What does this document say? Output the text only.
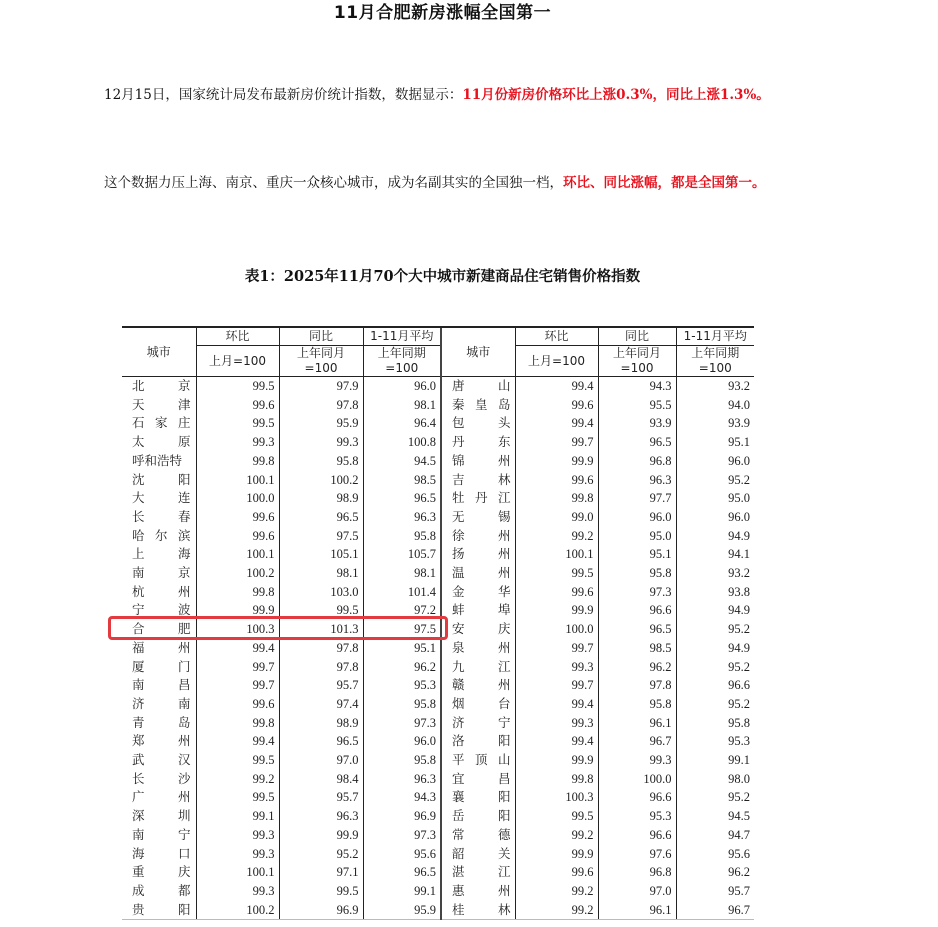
11月合肥新房涨幅全国第一
12月15日，国家统计局发布最新房价统计指数，数据显示：11月份新房价格环比上涨0.3%，同比上涨1.3%。
这个数据力压上海、南京、重庆一众核心城市，成为名副其实的全国独一档，环比、同比涨幅，都是全国第一。
表1：2025年11月70个大中城市新建商品住宅销售价格指数
城市	环比	同比	1-11月平均	城市	环比	同比	1-11月平均
	上月=100	上年同月
=100	上年同期
=100		上月=100	上年同月
=100	上年同期
=100
北 京	99.5	97.9	96.0	唐 山	99.4	94.3	93.2
天 津	99.6	97.8	98.1	秦 皇 岛	99.6	95.5	94.0
石 家 庄	99.5	95.9	96.4	包 头	99.4	93.9	93.9
太 原	99.3	99.3	100.8	丹 东	99.7	96.5	95.1
呼和浩特	99.8	95.8	94.5	锦 州	99.9	96.8	96.0
沈 阳	100.1	100.2	98.5	吉 林	99.6	96.3	95.2
大 连	100.0	98.9	96.5	牡 丹 江	99.8	97.7	95.0
长 春	99.6	96.5	96.3	无 锡	99.0	96.0	96.0
哈 尔 滨	99.6	97.5	95.8	徐 州	99.2	95.0	94.9
上 海	100.1	105.1	105.7	扬 州	100.1	95.1	94.1
南 京	100.2	98.1	98.1	温 州	99.5	95.8	93.2
杭 州	99.8	103.0	101.4	金 华	99.6	97.3	93.8
宁 波	99.9	99.5	97.2	蚌 埠	99.9	96.6	94.9
合 肥	100.3	101.3	97.5	安 庆	100.0	96.5	95.2
福 州	99.4	97.8	95.1	泉 州	99.7	98.5	94.9
厦 门	99.7	97.8	96.2	九 江	99.3	96.2	95.2
南 昌	99.7	95.7	95.3	赣 州	99.7	97.8	96.6
济 南	99.6	97.4	95.8	烟 台	99.4	95.8	95.2
青 岛	99.8	98.9	97.3	济 宁	99.3	96.1	95.8
郑 州	99.4	96.5	96.0	洛 阳	99.4	96.7	95.3
武 汉	99.5	97.0	95.8	平 顶 山	99.9	99.3	99.1
长 沙	99.2	98.4	96.3	宜 昌	99.8	100.0	98.0
广 州	99.5	95.7	94.3	襄 阳	100.3	96.6	95.2
深 圳	99.1	96.3	96.9	岳 阳	99.5	95.3	94.5
南 宁	99.3	99.9	97.3	常 德	99.2	96.6	94.7
海 口	99.3	95.2	95.6	韶 关	99.9	97.6	95.6
重 庆	100.1	97.1	96.5	湛 江	99.6	96.8	96.2
成 都	99.3	99.5	99.1	惠 州	99.2	97.0	95.7
贵 阳	100.2	96.9	95.9	桂 林	99.2	96.1	96.7
